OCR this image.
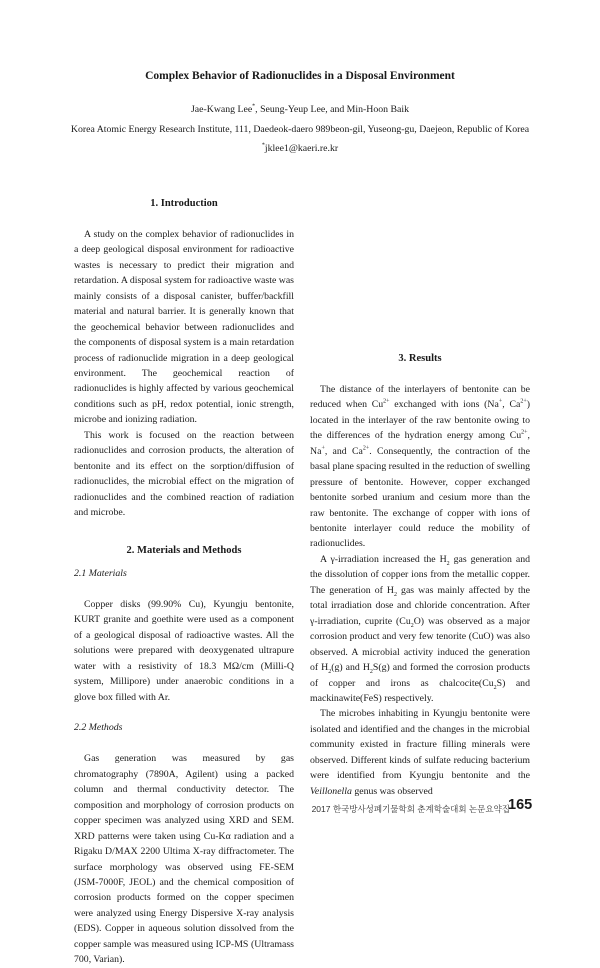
Complex Behavior of Radionuclides in a Disposal Environment
Jae-Kwang Lee*, Seung-Yeup Lee, and Min-Hoon Baik
Korea Atomic Energy Research Institute, 111, Daedeok-daero 989beon-gil, Yuseong-gu, Daejeon, Republic of Korea
*jklee1@kaeri.re.kr
1. Introduction

A study on the complex behavior of radionuclides in a deep geological disposal environment for radioactive wastes is necessary to predict their migration and retardation. A disposal system for radioactive waste was mainly consists of a disposal canister, buffer/backfill material and natural barrier. It is generally known that the geochemical behavior between radionuclides and the components of disposal system is a main retardation process of radionuclide migration in a deep geological environment. The geochemical reaction of radionuclides is highly affected by various geochemical conditions such as pH, redox potential, ionic strength, microbe and ionizing radiation.

This work is focused on the reaction between radionuclides and corrosion products, the alteration of bentonite and its effect on the sorption/diffusion of radionuclides, the microbial effect on the migration of radionuclides and the combined reaction of radiation and microbe.

2. Materials and Methods
2.1 Materials

Copper disks (99.90% Cu), Kyungju bentonite, KURT granite and goethite were used as a component of a geological disposal of radioactive wastes. All the solutions were prepared with deoxygenated ultrapure water with a resistivity of 18.3 MΩ/cm (Milli-Q system, Millipore) under anaerobic conditions in a glove box filled with Ar.

2.2 Methods

Gas generation was measured by gas chromatography (7890A, Agilent) using a packed column and thermal conductivity detector. The composition and morphology of corrosion products on copper specimen was analyzed using XRD and SEM. XRD patterns were taken using Cu-Kα radiation and a Rigaku D/MAX 2200 Ultima X-ray diffractometer. The surface morphology was observed using FE-SEM (JSM-7000F, JEOL) and the chemical composition of corrosion products formed on the copper specimen were analyzed using Energy Dispersive X-ray analysis (EDS). Copper in aqueous solution dissolved from the copper sample was measured using ICP-MS (Ultramass 700, Varian).

3. Results

The distance of the interlayers of bentonite can be reduced when $Cu^{2+}$ exchanged with ions (Na+, $Ca^{2+}$) located in the interlayer of the raw bentonite owing to the differences of the hydration energy among $Cu^{2+}$, Na+, and $Ca^{2+}$. Consequently, the contraction of the basal plane spacing resulted in the reduction of swelling pressure of bentonite. However, copper exchanged bentonite sorbed uranium and cesium more than the raw bentonite. The exchange of copper with ions of bentonite interlayer could reduce the mobility of radionuclides.

A γ-irradiation increased the $H_2$ gas generation and the dissolution of copper ions from the metallic copper. The generation of $H_2$ gas was mainly affected by the total irradiation dose and chloride concentration. After γ-irradiation, cuprite $(Cu_2O)$ was observed as a major corrosion product and very few tenorite (CuO) was also observed. A microbial activity induced the generation of $H_2(g)$ and $H_2S(g)$ and formed the corrosion products of copper and irons as $chalcocite(Cu_2S)$ and mackinawite(FeS) respectively.

The microbes inhabiting in Kyungju bentonite were isolated and identified and the changes in the microbial community existed in fracture filling minerals were observed. Different kinds of sulfate reducing bacterium were identified from Kyungju bentonite and the Veillonella genus was observed

2017 한국방사성폐기물학회 춘계학술대회 논문요약집
165
